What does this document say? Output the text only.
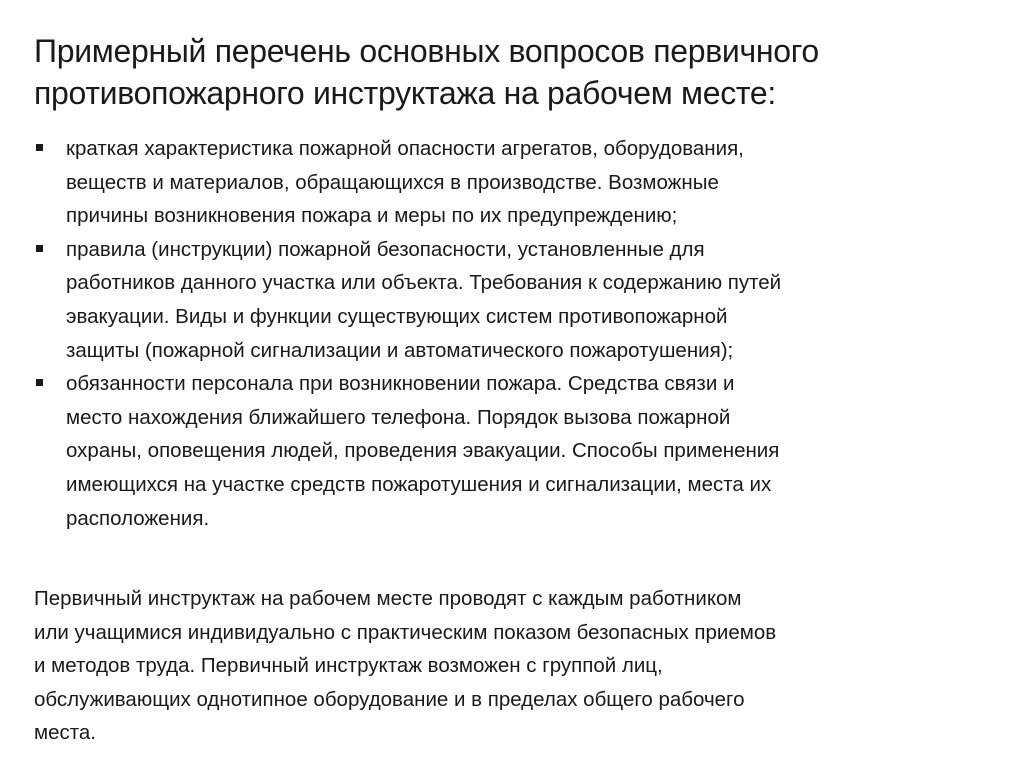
Примерный перечень основных вопросов первичного
противопожарного инструктажа на рабочем месте:
краткая характеристика пожарной опасности агрегатов, оборудования,
веществ и материалов, обращающихся в производстве. Возможные
причины возникновения пожара и меры по их предупреждению;
правила (инструкции) пожарной безопасности, установленные для
работников данного участка или объекта. Требования к содержанию путей
эвакуации. Виды и функции существующих систем противопожарной
защиты (пожарной сигнализации и автоматического пожаротушения);
обязанности персонала при возникновении пожара. Средства связи и
место нахождения ближайшего телефона. Порядок вызова пожарной
охраны, оповещения людей, проведения эвакуации. Способы применения
имеющихся на участке средств пожаротушения и сигнализации, места их
расположения.
Первичный инструктаж на рабочем месте проводят с каждым работником
или учащимися индивидуально с практическим показом безопасных приемов
и методов труда. Первичный инструктаж возможен с группой лиц,
обслуживающих однотипное оборудование и в пределах общего рабочего
места.
